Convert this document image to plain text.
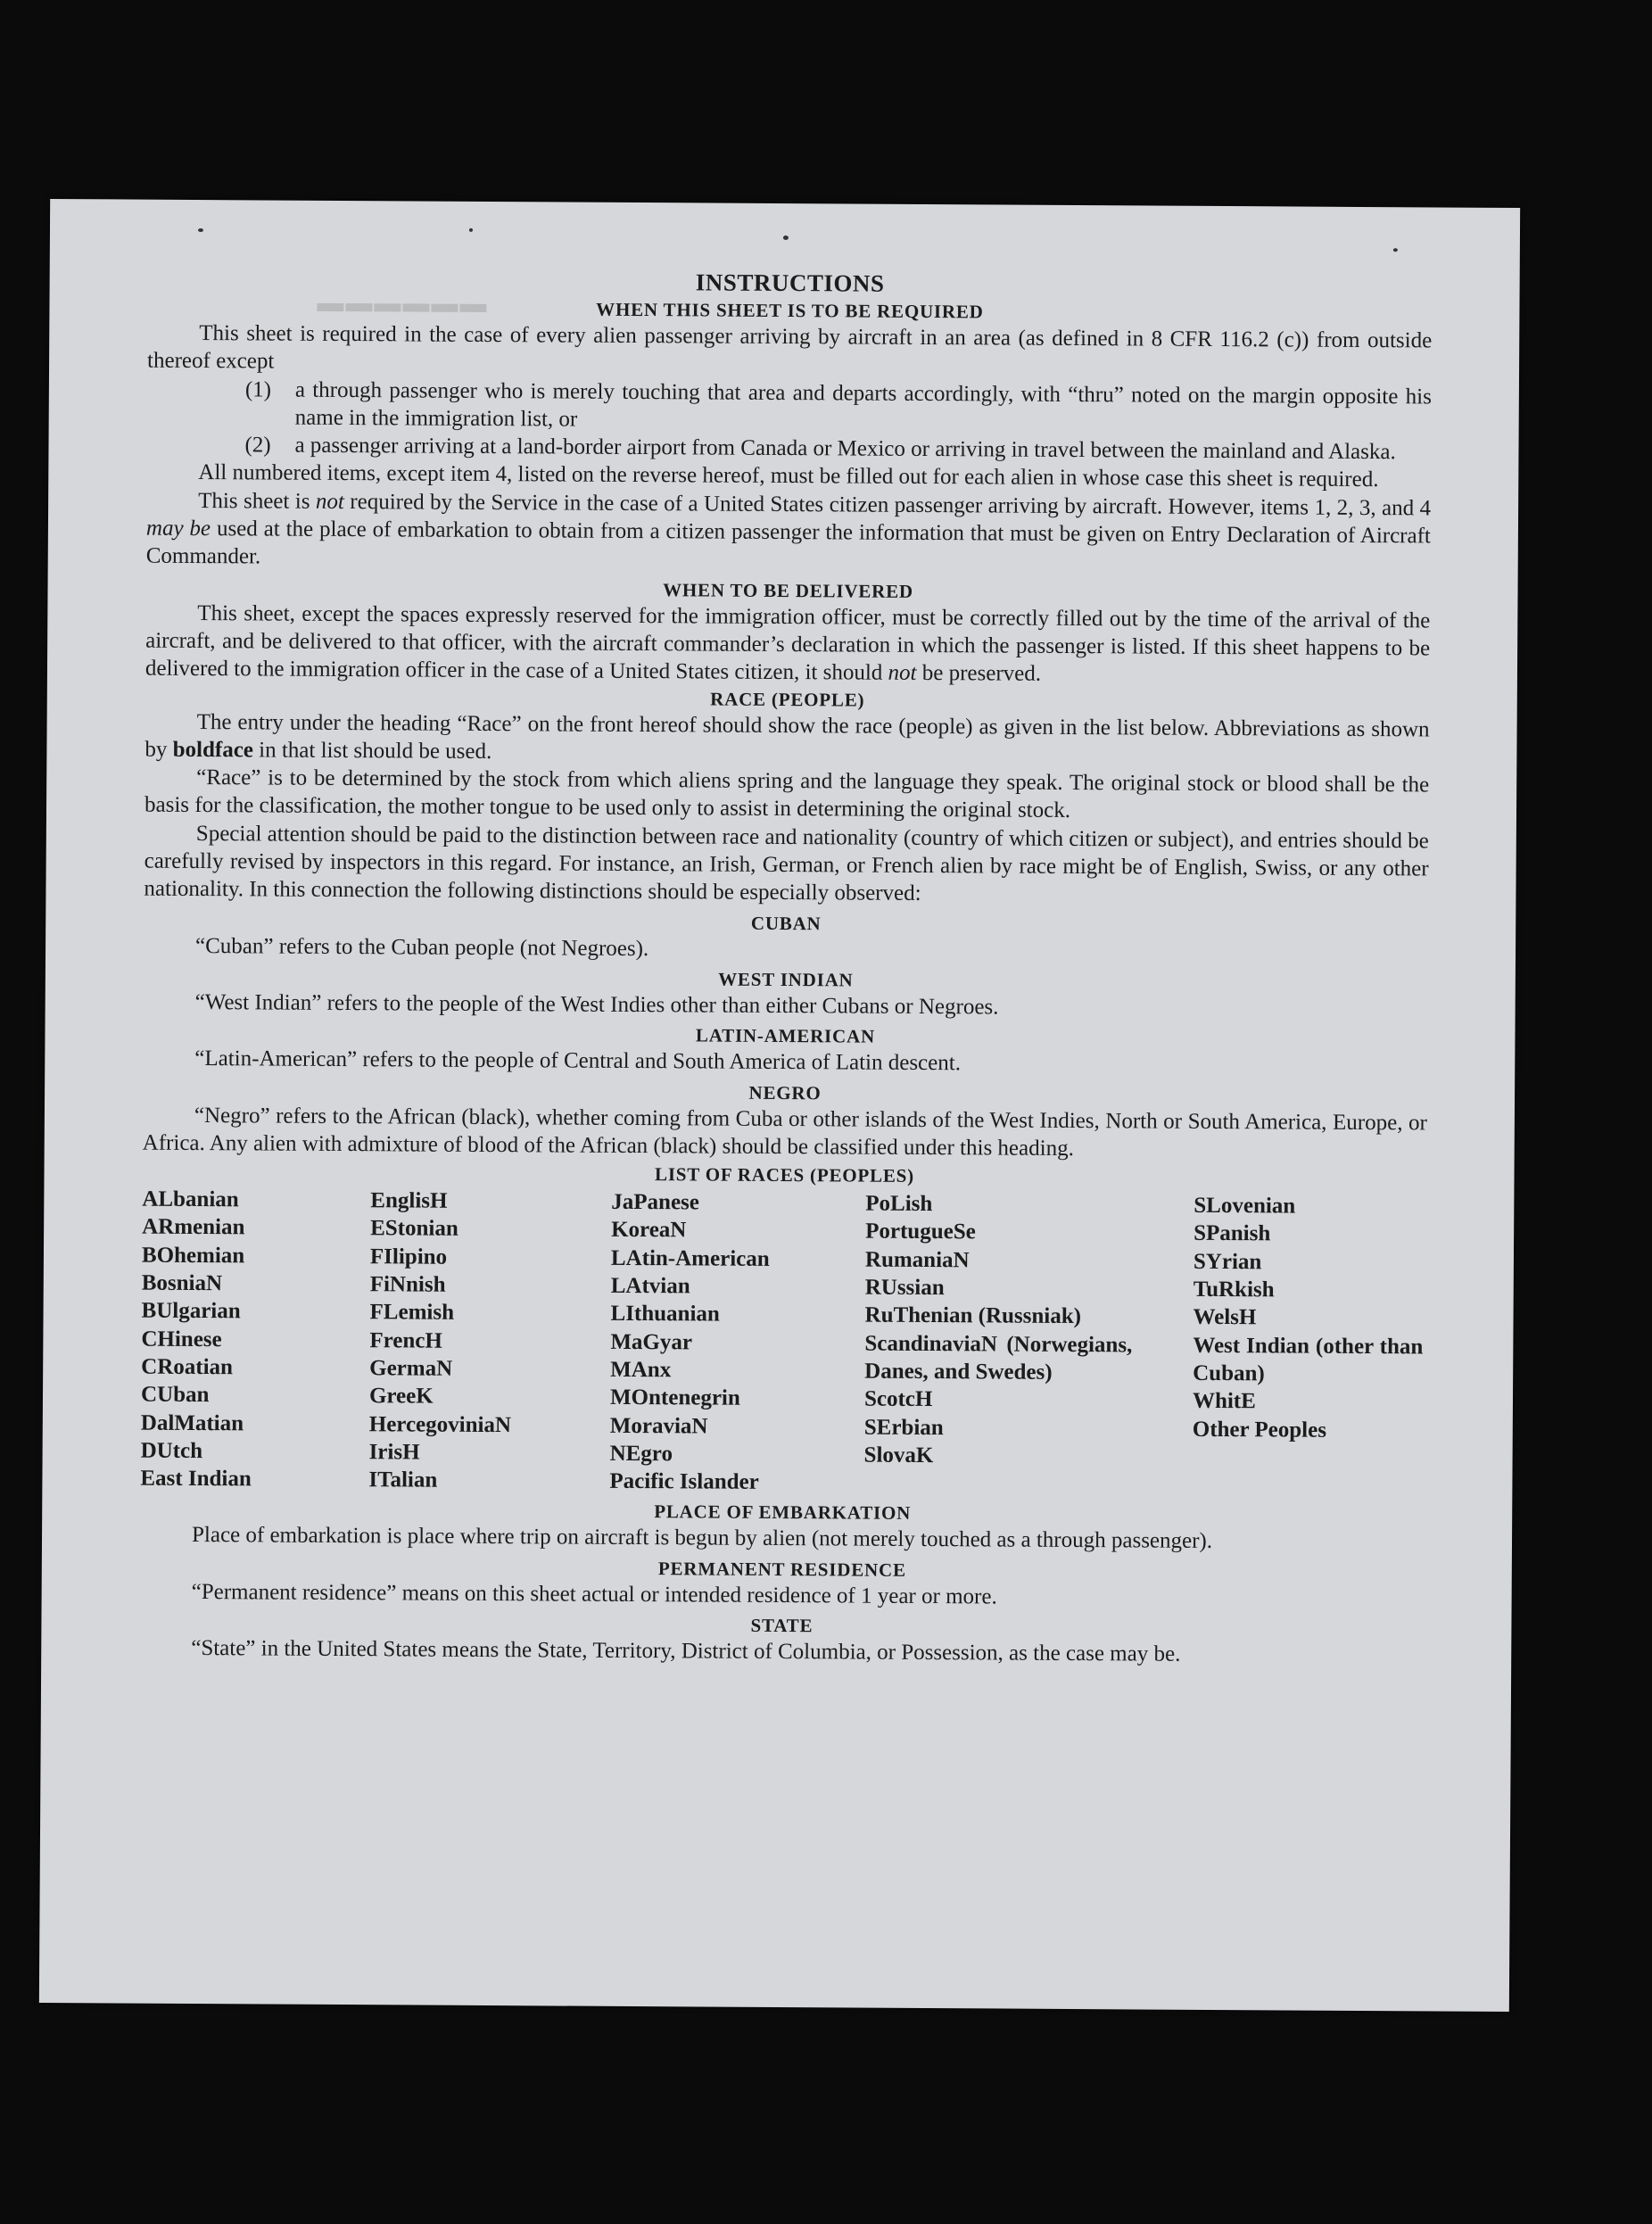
▬▬▬▬▬▬
INSTRUCTIONS
WHEN THIS SHEET IS TO BE REQUIRED

This sheet is required in the case of every alien passenger arriving by aircraft in an area (as defined in 8 CFR 116.2 (c)) from outside thereof except

(1)	a through passenger who is merely touching that area and departs accordingly, with “thru” noted on the margin opposite his name in the immigration list, or
(2)	a passenger arriving at a land-border airport from Canada or Mexico or arriving in travel between the mainland and Alaska.

All numbered items, except item 4, listed on the reverse hereof, must be filled out for each alien in whose case this sheet is required.

This sheet is not required by the Service in the case of a United States citizen passenger arriving by aircraft. However, items 1, 2, 3, and 4 may be used at the place of embarkation to obtain from a citizen passenger the information that must be given on Entry Declaration of Aircraft Commander.

WHEN TO BE DELIVERED

This sheet, except the spaces expressly reserved for the immigration officer, must be correctly filled out by the time of the arrival of the aircraft, and be delivered to that officer, with the aircraft commander’s declaration in which the passenger is listed. If this sheet happens to be delivered to the immigration officer in the case of a United States citizen, it should not be preserved.

RACE (PEOPLE)

The entry under the heading “Race” on the front hereof should show the race (people) as given in the list below. Abbreviations as shown by boldface in that list should be used.

“Race” is to be determined by the stock from which aliens spring and the language they speak. The original stock or blood shall be the basis for the classification, the mother tongue to be used only to assist in determining the original stock.

Special attention should be paid to the distinction between race and nationality (country of which citizen or subject), and entries should be carefully revised by inspectors in this regard. For instance, an Irish, German, or French alien by race might be of English, Swiss, or any other nationality. In this connection the following distinctions should be especially observed:

CUBAN

“Cuban” refers to the Cuban people (not Negroes).

WEST INDIAN

“West Indian” refers to the people of the West Indies other than either Cubans or Negroes.

LATIN-AMERICAN

“Latin-American” refers to the people of Central and South America of Latin descent.

NEGRO

“Negro” refers to the African (black), whether coming from Cuba or other islands of the West Indies, North or South America, Europe, or Africa. Any alien with admixture of blood of the African (black) should be classified under this heading.

LIST OF RACES (PEOPLES)
ALbanian
ARmenian
BOhemian
BosniaN
BUlgarian
CHinese
CRoatian
CUban
DalMatian
DUtch
East Indian
EnglisH
EStonian
FIlipino
FiNnish
FLemish
FrencH
GermaN
GreeK
HercegoviniaN
IrisH
ITalian
JaPanese
KoreaN
LAtin-American
LAtvian
LIthuanian
MaGyar
MAnx
MOntenegrin
MoraviaN
NEgro
Pacific Islander
PoLish
PortugueSe
RumaniaN
RUssian
RuThenian (Russniak)
ScandinaviaN (Norwegians, Danes, and Swedes)
ScotcH
SErbian
SlovaK
SLovenian
SPanish
SYrian
TuRkish
WelsH
West Indian (other than Cuban)
WhitE
Other Peoples
PLACE OF EMBARKATION

Place of embarkation is place where trip on aircraft is begun by alien (not merely touched as a through passenger).

PERMANENT RESIDENCE

“Permanent residence” means on this sheet actual or intended residence of 1 year or more.

STATE

“State” in the United States means the State, Territory, District of Columbia, or Possession, as the case may be.
